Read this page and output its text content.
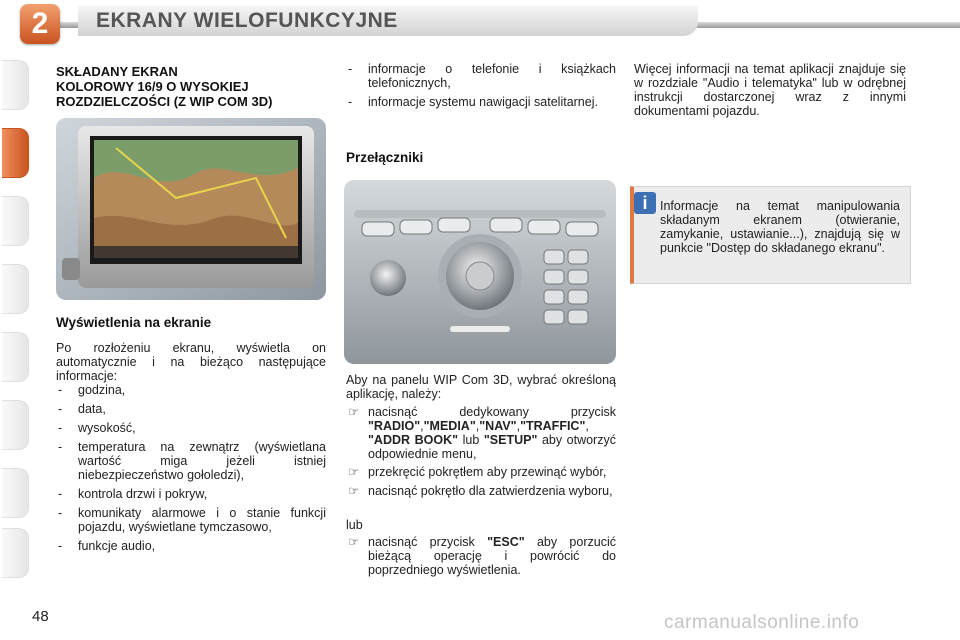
2	EKRANY WIELOFUNKCYJNE
SKŁADANY EKRAN
KOLOROWY 16/9 O WYSOKIEJ
ROZDZIELCZOŚCI (Z WIP COM 3D)
Wyświetlenia na ekranie
Po rozłożeniu ekranu, wyświetla on automatycznie i na bieżąco następujące informacje:
- godzina,
- data,
- wysokość,
- temperatura na zewnątrz (wyświetlana wartość miga jeżeli istniej niebezpieczeństwo gołoledzi),
- kontrola drzwi i pokryw,
- komunikaty alarmowe i o stanie funkcji pojazdu, wyświetlane tymczasowo,
- funkcje audio,
- informacje o telefonie i książkach telefonicznych,
- informacje systemu nawigacji satelitarnej.
Przełączniki
Aby na panelu WIP Com 3D, wybrać określoną aplikację, należy:
☞ nacisnąć dedykowany przycisk "RADIO","MEDIA","NAV","TRAFFIC", "ADDR BOOK" lub "SETUP" aby otworzyć odpowiednie menu,
☞ przekręcić pokrętłem aby przewinąć wybór,
☞ nacisnąć pokrętło dla zatwierdzenia wyboru,
lub
☞ nacisnąć przycisk "ESC" aby porzucić bieżącą operację i powrócić do poprzedniego wyświetlenia.
Więcej informacji na temat aplikacji znajduje się w rozdziale "Audio i telematyka" lub w odrębnej instrukcji dostarczonej wraz z innymi dokumentami pojazdu.
i	Informacje na temat manipulowania składanym ekranem (otwieranie, zamykanie, ustawianie...), znajdują się w punkcie "Dostęp do składanego ekranu".
48	carmanualsonline.info
